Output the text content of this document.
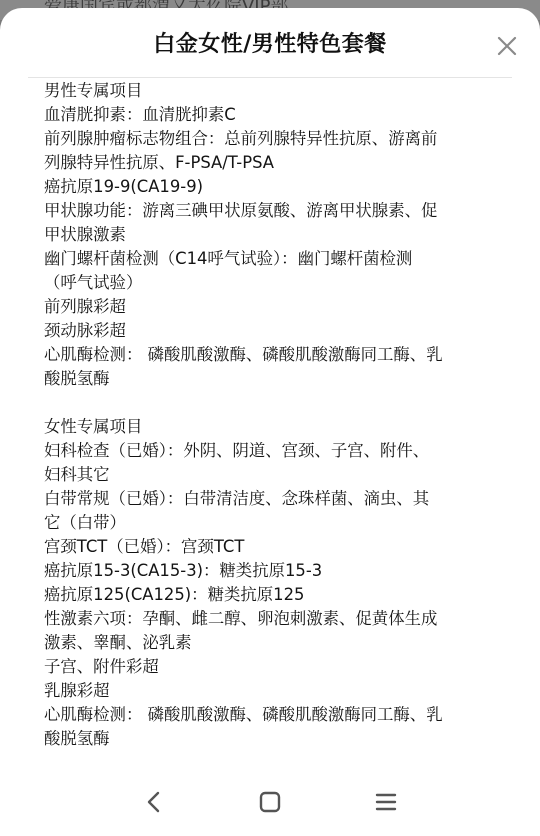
白金女性/男性特色套餐

男性专属项目

血清胱抑素：血清胱抑素C

前列腺肿瘤标志物组合：总前列腺特异性抗原、游离前

列腺特异性抗原、F-PSA/T-PSA

癌抗原19-9(CA19-9)

甲状腺功能：游离三碘甲状原氨酸、游离甲状腺素、促

甲状腺激素

幽门螺杆菌检测（C14呼气试验）：幽门螺杆菌检测

（呼气试验）

前列腺彩超

颈动脉彩超

心肌酶检测： 磷酸肌酸激酶、磷酸肌酸激酶同工酶、乳

酸脱氢酶

女性专属项目

妇科检查（已婚）：外阴、阴道、宫颈、子宫、附件、

妇科其它

白带常规（已婚）：白带清洁度、念珠样菌、滴虫、其

它（白带）

宫颈TCT（已婚）：宫颈TCT

癌抗原15-3(CA15-3)：糖类抗原15-3

癌抗原125(CA125)：糖类抗原125

性激素六项：孕酮、雌二醇、卵泡刺激素、促黄体生成

激素、睾酮、泌乳素

子宫、附件彩超

乳腺彩超

心肌酶检测： 磷酸肌酸激酶、磷酸肌酸激酶同工酶、乳

酸脱氢酶
